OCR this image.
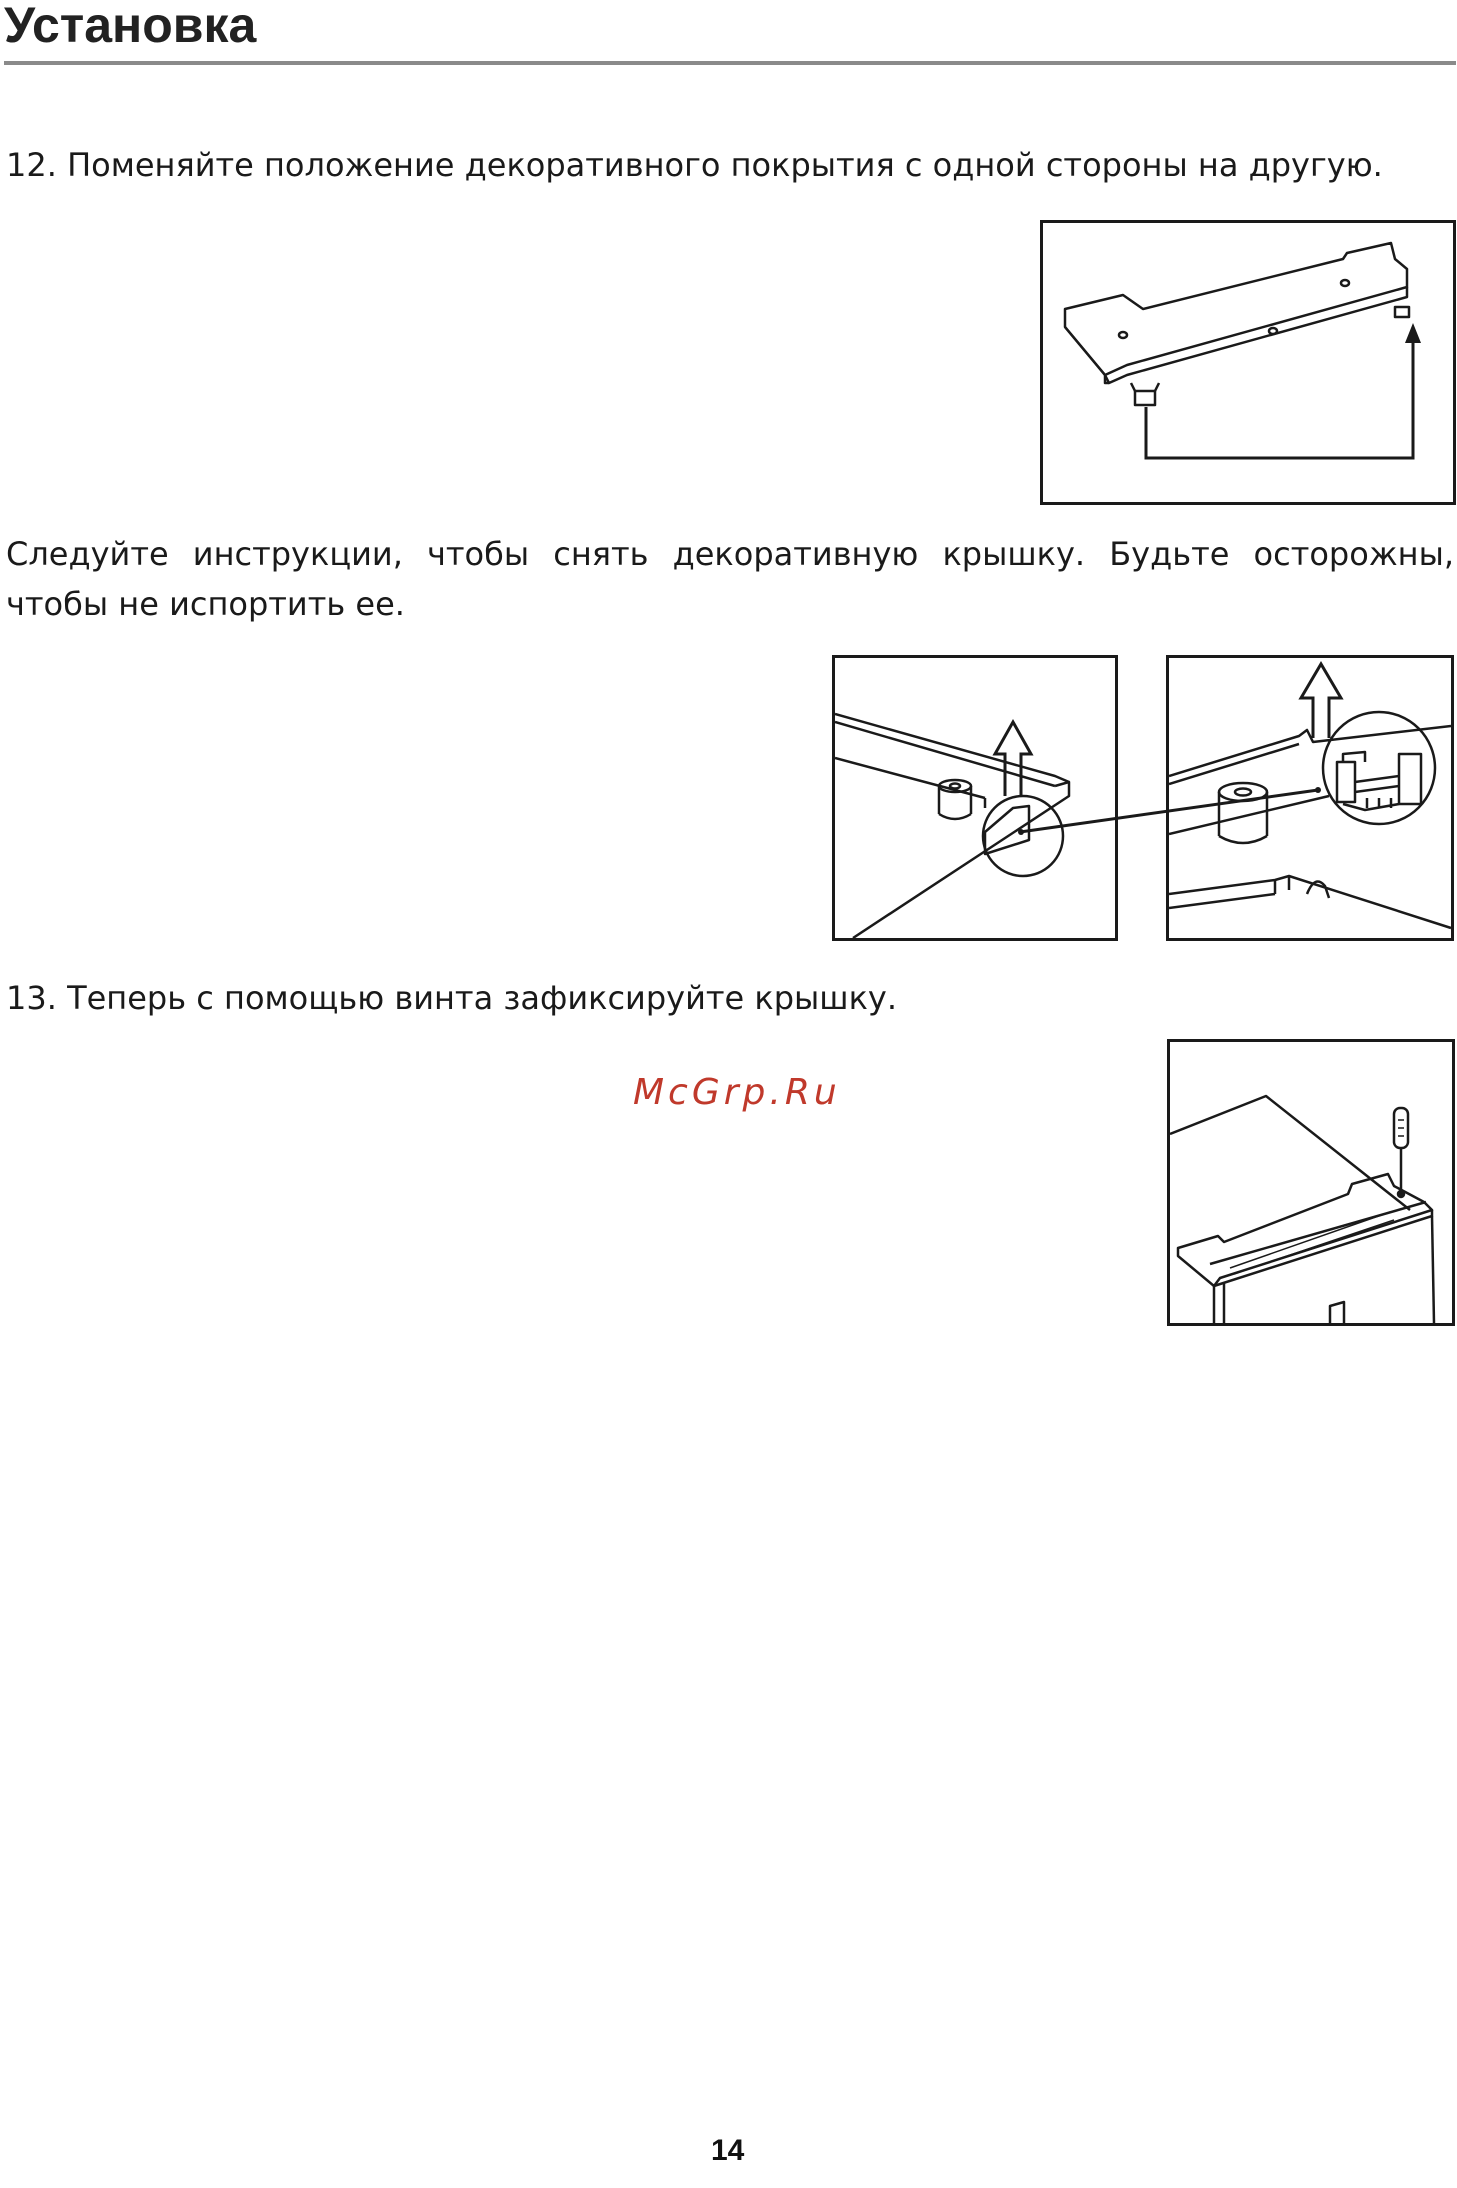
Установка

12. Поменяйте положение декоративного покрытия с одной стороны на другую.

Следуйте инструкции, чтобы снять декоративную крышку. Будьте осторожны, чтобы не испортить ее.

13. Теперь с помощью винта зафиксируйте крышку.

McGrp.Ru
14
